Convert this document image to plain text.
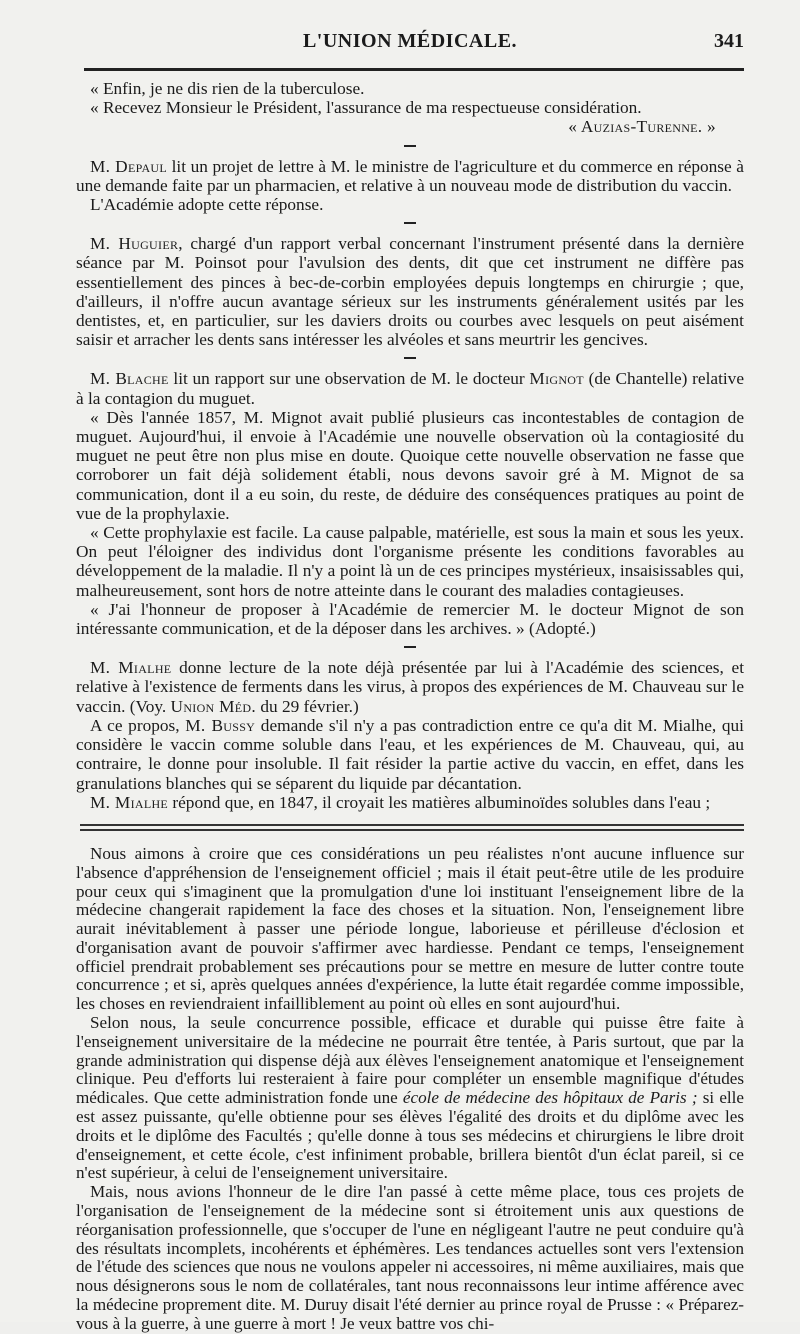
L'UNION MÉDICALE.	341

« Enfin, je ne dis rien de la tuberculose.

« Recevez Monsieur le Président, l'assurance de ma respectueuse considération.

« Auzias-Turenne. »

M. Depaul lit un projet de lettre à M. le ministre de l'agriculture et du commerce en réponse à une demande faite par un pharmacien, et relative à un nouveau mode de distribution du vaccin.

L'Académie adopte cette réponse.

M. Huguier, chargé d'un rapport verbal concernant l'instrument présenté dans la dernière séance par M. Poinsot pour l'avulsion des dents, dit que cet instrument ne diffère pas essentiellement des pinces à bec-de-corbin employées depuis longtemps en chirurgie ; que, d'ailleurs, il n'offre aucun avantage sérieux sur les instruments généralement usités par les dentistes, et, en particulier, sur les daviers droits ou courbes avec lesquels on peut aisément saisir et arracher les dents sans intéresser les alvéoles et sans meurtrir les gencives.

M. Blache lit un rapport sur une observation de M. le docteur Mignot (de Chantelle) relative à la contagion du muguet.

« Dès l'année 1857, M. Mignot avait publié plusieurs cas incontestables de contagion de muguet. Aujourd'hui, il envoie à l'Académie une nouvelle observation où la contagiosité du muguet ne peut être non plus mise en doute. Quoique cette nouvelle observation ne fasse que corroborer un fait déjà solidement établi, nous devons savoir gré à M. Mignot de sa communication, dont il a eu soin, du reste, de déduire des conséquences pratiques au point de vue de la prophylaxie.

« Cette prophylaxie est facile. La cause palpable, matérielle, est sous la main et sous les yeux. On peut l'éloigner des individus dont l'organisme présente les conditions favorables au développement de la maladie. Il n'y a point là un de ces principes mystérieux, insaisissables qui, malheureusement, sont hors de notre atteinte dans le courant des maladies contagieuses.

« J'ai l'honneur de proposer à l'Académie de remercier M. le docteur Mignot de son intéressante communication, et de la déposer dans les archives. » (Adopté.)

M. Mialhe donne lecture de la note déjà présentée par lui à l'Académie des sciences, et relative à l'existence de ferments dans les virus, à propos des expériences de M. Chauveau sur le vaccin. (Voy. Union Méd. du 29 février.)

A ce propos, M. Bussy demande s'il n'y a pas contradiction entre ce qu'a dit M. Mialhe, qui considère le vaccin comme soluble dans l'eau, et les expériences de M. Chauveau, qui, au contraire, le donne pour insoluble. Il fait résider la partie active du vaccin, en effet, dans les granulations blanches qui se séparent du liquide par décantation.

M. Mialhe répond que, en 1847, il croyait les matières albuminoïdes solubles dans l'eau ;

Nous aimons à croire que ces considérations un peu réalistes n'ont aucune influence sur l'absence d'appréhension de l'enseignement officiel ; mais il était peut-être utile de les produire pour ceux qui s'imaginent que la promulgation d'une loi instituant l'enseignement libre de la médecine changerait rapidement la face des choses et la situation. Non, l'enseignement libre aurait inévitablement à passer une période longue, laborieuse et périlleuse d'éclosion et d'organisation avant de pouvoir s'affirmer avec hardiesse. Pendant ce temps, l'enseignement officiel prendrait probablement ses précautions pour se mettre en mesure de lutter contre toute concurrence ; et si, après quelques années d'expérience, la lutte était regardée comme impossible, les choses en reviendraient infailliblement au point où elles en sont aujourd'hui.

Selon nous, la seule concurrence possible, efficace et durable qui puisse être faite à l'enseignement universitaire de la médecine ne pourrait être tentée, à Paris surtout, que par la grande administration qui dispense déjà aux élèves l'enseignement anatomique et l'enseignement clinique. Peu d'efforts lui resteraient à faire pour compléter un ensemble magnifique d'études médicales. Que cette administration fonde une école de médecine des hôpitaux de Paris ; si elle est assez puissante, qu'elle obtienne pour ses élèves l'égalité des droits et du diplôme avec les droits et le diplôme des Facultés ; qu'elle donne à tous ses médecins et chirurgiens le libre droit d'enseignement, et cette école, c'est infiniment probable, brillera bientôt d'un éclat pareil, si ce n'est supérieur, à celui de l'enseignement universitaire.

Mais, nous avions l'honneur de le dire l'an passé à cette même place, tous ces projets de l'organisation de l'enseignement de la médecine sont si étroitement unis aux questions de réorganisation professionnelle, que s'occuper de l'une en négligeant l'autre ne peut conduire qu'à des résultats incomplets, incohérents et éphémères. Les tendances actuelles sont vers l'extension de l'étude des sciences que nous ne voulons appeler ni accessoires, ni même auxiliaires, mais que nous désignerons sous le nom de collatérales, tant nous reconnaissons leur intime afférence avec la médecine proprement dite. M. Duruy disait l'été dernier au prince royal de Prusse : « Préparez-vous à la guerre, à une guerre à mort ! Je veux battre vos chi-
